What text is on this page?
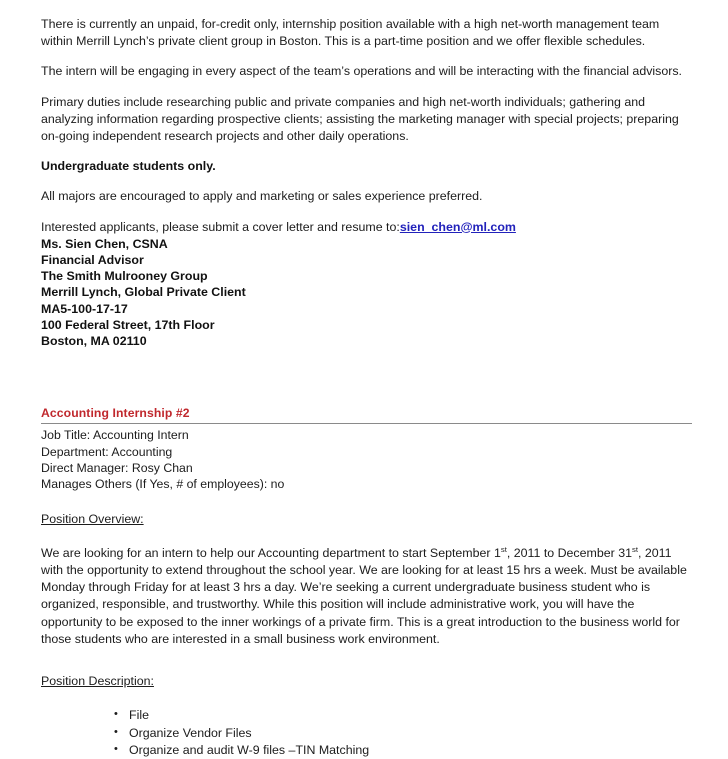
There is currently an unpaid, for-credit only, internship position available with a high net-worth management team within Merrill Lynch’s private client group in Boston. This is a part-time position and we offer flexible schedules.

The intern will be engaging in every aspect of the team’s operations and will be interacting with the financial advisors.

Primary duties include researching public and private companies and high net-worth individuals; gathering and analyzing information regarding prospective clients; assisting the marketing manager with special projects; preparing on-going independent research projects and other daily operations.

Undergraduate students only.

All majors are encouraged to apply and marketing or sales experience preferred.

Interested applicants, please submit a cover letter and resume to:sien_chen@ml.com

Ms. Sien Chen, CSNA
Financial Advisor
The Smith Mulrooney Group
Merrill Lynch, Global Private Client
MA5-100-17-17
100 Federal Street, 17th Floor
Boston, MA 02110
Accounting Internship #2
Job Title: Accounting Intern
Department: Accounting
Direct Manager: Rosy Chan
Manages Others (If Yes, # of employees): no
Position Overview:

We are looking for an intern to help our Accounting department to start September 1st, 2011 to December 31st, 2011 with the opportunity to extend throughout the school year. We are looking for at least 15 hrs a week. Must be available Monday through Friday for at least 3 hrs a day. We’re seeking a current undergraduate business student who is organized, responsible, and trustworthy. While this position will include administrative work, you will have the opportunity to be exposed to the inner workings of a private firm. This is a great introduction to the business world for those students who are interested in a small business work environment.

Position Description:
• File
• Organize Vendor Files
• Organize and audit W-9 files –TIN Matching
